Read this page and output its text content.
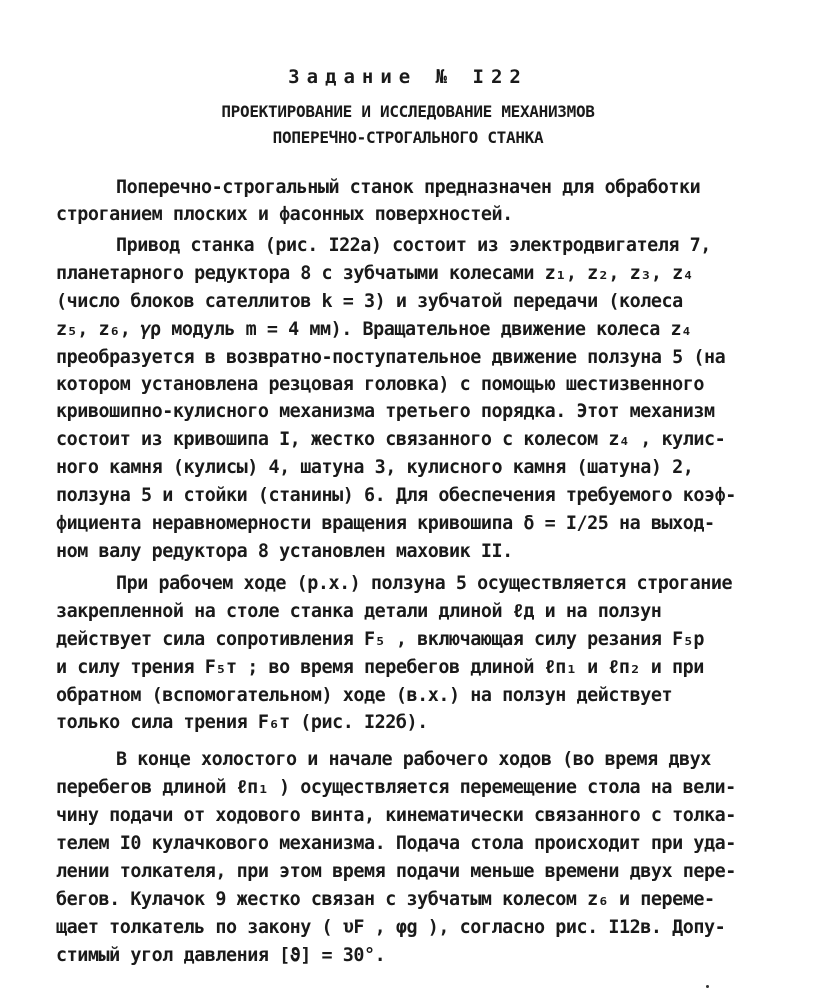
Задание № I22
ПРОЕКТИРОВАНИЕ И ИССЛЕДОВАНИЕ МЕХАНИЗМОВ
ПОПЕРЕЧНО-СТРОГАЛЬНОГО СТАНКА
Поперечно-строгальный станок предназначен для обработки
строганием плоских и фасонных поверхностей.
Привод станка (рис. I22а) состоит из электродвигателя 7,
планетарного редуктора 8 с зубчатыми колесами z₁, z₂, z₃, z₄
(число блоков сателлитов k = 3) и зубчатой передачи (колеса
z₅, z₆, 𝛾ρ модуль m = 4 мм). Вращательное движение колеса z₄
преобразуется в возвратно-поступательное движение ползуна 5 (на
котором установлена резцовая головка) с помощью шестизвенного
кривошипно-кулисного механизма третьего порядка. Этот механизм
состоит из кривошипа I, жестко связанного с колесом z₄ , кулис-
ного камня (кулисы) 4, шатуна 3, кулисного камня (шатуна) 2,
ползуна 5 и стойки (станины) 6. Для обеспечения требуемого коэф-
фициента неравномерности вращения кривошипа δ = I/25 на выход-
ном валу редуктора 8 установлен маховик II.
При рабочем ходе (р.х.) ползуна 5 осуществляется строгание
закрепленной на столе станка детали длиной ℓд и на ползун
действует сила сопротивления F₅ , включающая силу резания F₅р
и силу трения F₅т ; во время перебегов длиной ℓп₁ и ℓп₂ и при
обратном (вспомогательном) ходе (в.х.) на ползун действует
только сила трения F₆т (рис. I22б).
В конце холостого и начале рабочего ходов (во время двух
перебегов длиной ℓп₁ ) осуществляется перемещение стола на вели-
чину подачи от ходового винта, кинематически связанного с толка-
телем I0 кулачкового механизма. Подача стола происходит при уда-
лении толкателя, при этом время подачи меньше времени двух пере-
бегов. Кулачок 9 жестко связан с зубчатым колесом z₆ и переме-
щает толкатель по закону ( υF , φg ), согласно рис. I12в. Допу-
стимый угол давления [ϑ] = 30°.
